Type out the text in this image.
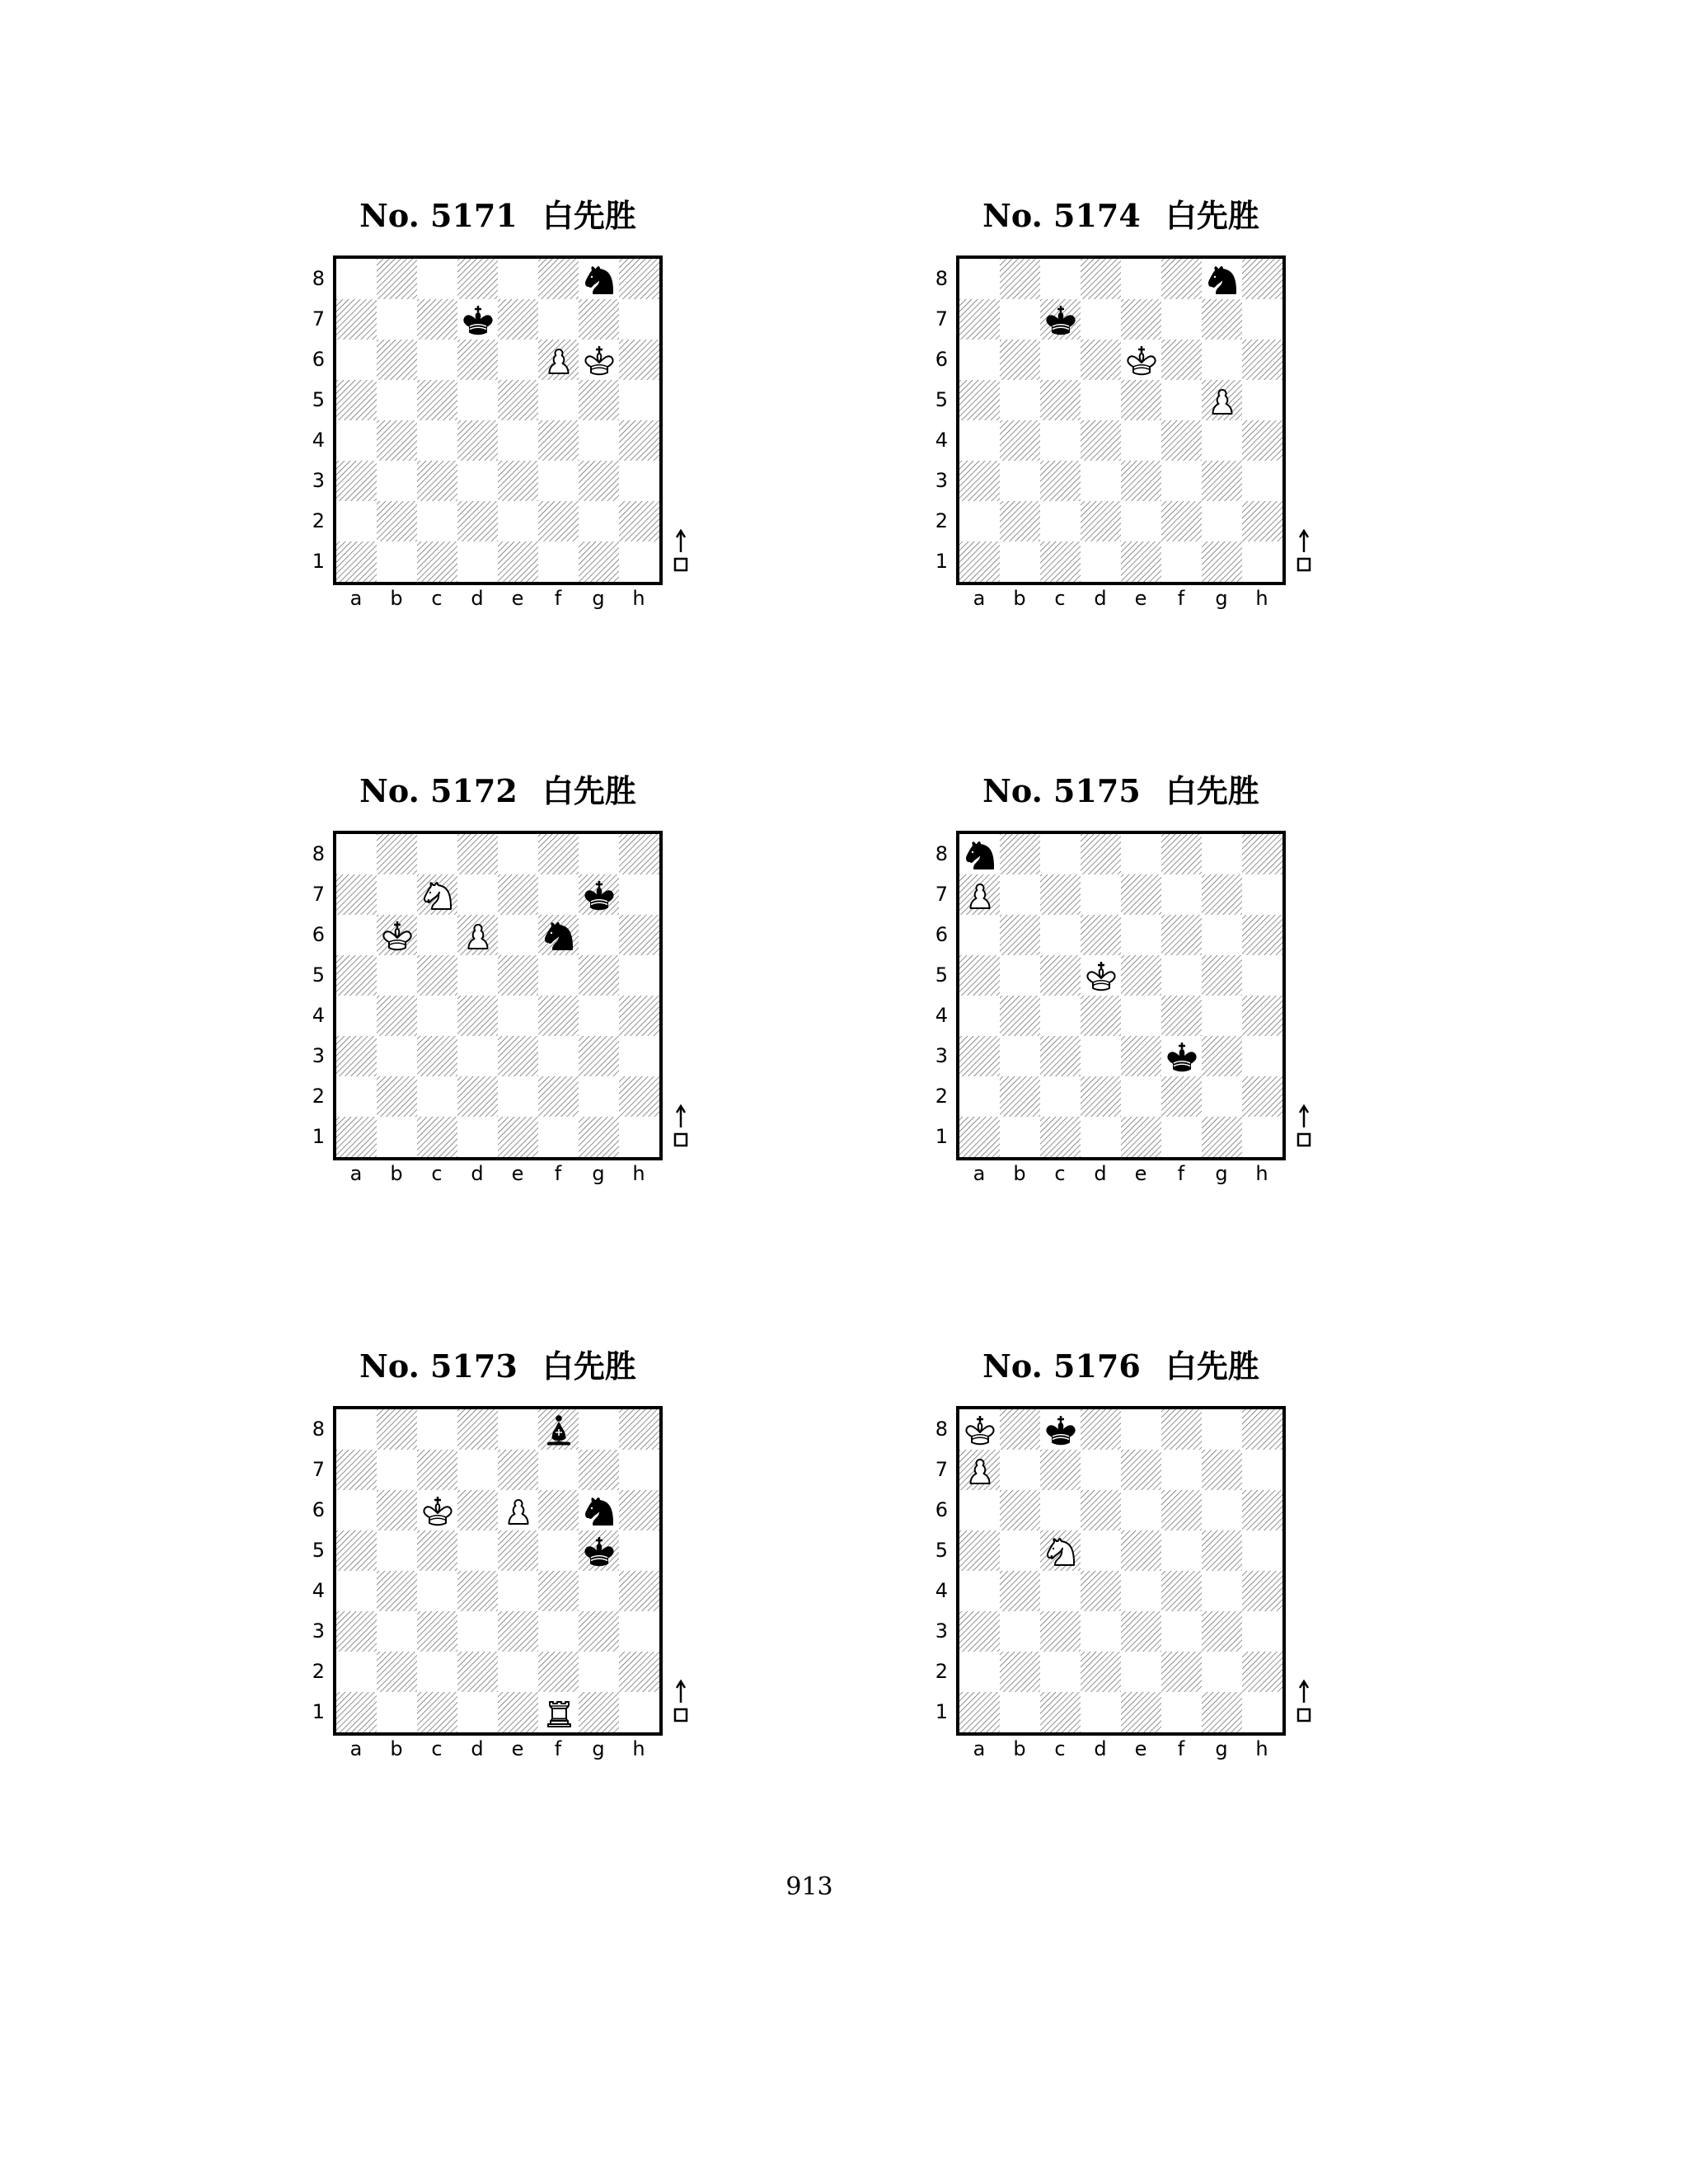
No. 5171 白先胜
8
7
6
5
4
3
2
1
a	b	c	d	e	f	g	h
No. 5174 白先胜
8
7
6
5
4
3
2
1
a	b	c	d	e	f	g	h
No. 5172 白先胜
8
7
6
5
4
3
2
1
a	b	c	d	e	f	g	h
No. 5175 白先胜
8
7
6
5
4
3
2
1
a	b	c	d	e	f	g	h
No. 5173 白先胜
8
7
6
5
4
3
2
1
a	b	c	d	e	f	g	h
No. 5176 白先胜
8
7
6
5
4
3
2
1
a	b	c	d	e	f	g	h
913
